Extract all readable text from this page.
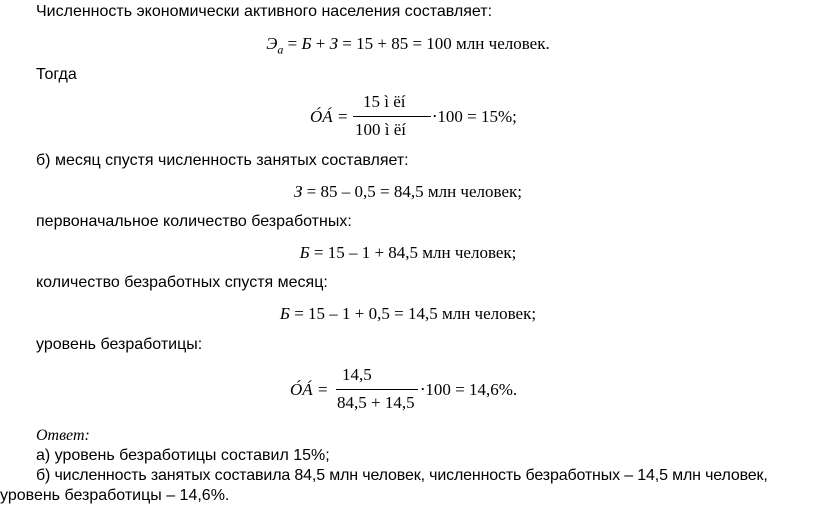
Численность экономически активного населения составляет:
$Э_а = Б + З = 15 + 85 = 100$ млн человек.
Тогда
ÓÁ =
15 ì ëí
100 ì ëí
⋅100 = 15%;
б) месяц спустя численность занятых составляет:
З = 85 – 0,5 = 84,5 млн человек;
первоначальное количество безработных:
Б = 15 – 1 + 84,5 млн человек;
количество безработных спустя месяц:
Б = 15 – 1 + 0,5 = 14,5 млн человек;
уровень безработицы:
ÓÁ =
14,5
84,5 + 14,5
⋅100 = 14,6%.
Ответ:
а) уровень безработицы составил 15%;
б) численность занятых составила 84,5 млн человек, численность безработных – 14,5 млн человек,
уровень безработицы – 14,6%.
